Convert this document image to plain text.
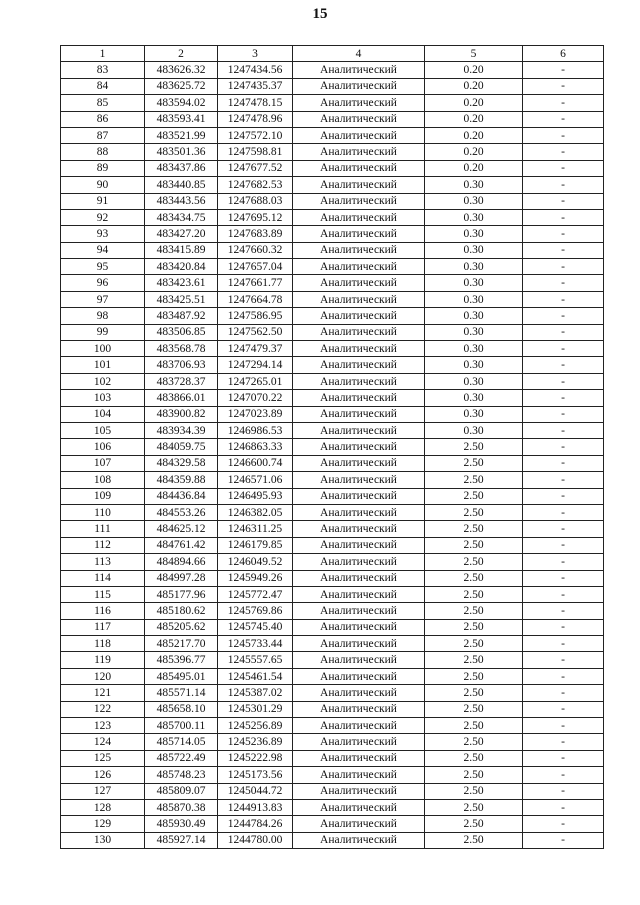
15
1	2	3	4	5	6
83	483626.32	1247434.56	Аналитический	0.20	-
84	483625.72	1247435.37	Аналитический	0.20	-
85	483594.02	1247478.15	Аналитический	0.20	-
86	483593.41	1247478.96	Аналитический	0.20	-
87	483521.99	1247572.10	Аналитический	0.20	-
88	483501.36	1247598.81	Аналитический	0.20	-
89	483437.86	1247677.52	Аналитический	0.20	-
90	483440.85	1247682.53	Аналитический	0.30	-
91	483443.56	1247688.03	Аналитический	0.30	-
92	483434.75	1247695.12	Аналитический	0.30	-
93	483427.20	1247683.89	Аналитический	0.30	-
94	483415.89	1247660.32	Аналитический	0.30	-
95	483420.84	1247657.04	Аналитический	0.30	-
96	483423.61	1247661.77	Аналитический	0.30	-
97	483425.51	1247664.78	Аналитический	0.30	-
98	483487.92	1247586.95	Аналитический	0.30	-
99	483506.85	1247562.50	Аналитический	0.30	-
100	483568.78	1247479.37	Аналитический	0.30	-
101	483706.93	1247294.14	Аналитический	0.30	-
102	483728.37	1247265.01	Аналитический	0.30	-
103	483866.01	1247070.22	Аналитический	0.30	-
104	483900.82	1247023.89	Аналитический	0.30	-
105	483934.39	1246986.53	Аналитический	0.30	-
106	484059.75	1246863.33	Аналитический	2.50	-
107	484329.58	1246600.74	Аналитический	2.50	-
108	484359.88	1246571.06	Аналитический	2.50	-
109	484436.84	1246495.93	Аналитический	2.50	-
110	484553.26	1246382.05	Аналитический	2.50	-
111	484625.12	1246311.25	Аналитический	2.50	-
112	484761.42	1246179.85	Аналитический	2.50	-
113	484894.66	1246049.52	Аналитический	2.50	-
114	484997.28	1245949.26	Аналитический	2.50	-
115	485177.96	1245772.47	Аналитический	2.50	-
116	485180.62	1245769.86	Аналитический	2.50	-
117	485205.62	1245745.40	Аналитический	2.50	-
118	485217.70	1245733.44	Аналитический	2.50	-
119	485396.77	1245557.65	Аналитический	2.50	-
120	485495.01	1245461.54	Аналитический	2.50	-
121	485571.14	1245387.02	Аналитический	2.50	-
122	485658.10	1245301.29	Аналитический	2.50	-
123	485700.11	1245256.89	Аналитический	2.50	-
124	485714.05	1245236.89	Аналитический	2.50	-
125	485722.49	1245222.98	Аналитический	2.50	-
126	485748.23	1245173.56	Аналитический	2.50	-
127	485809.07	1245044.72	Аналитический	2.50	-
128	485870.38	1244913.83	Аналитический	2.50	-
129	485930.49	1244784.26	Аналитический	2.50	-
130	485927.14	1244780.00	Аналитический	2.50	-
